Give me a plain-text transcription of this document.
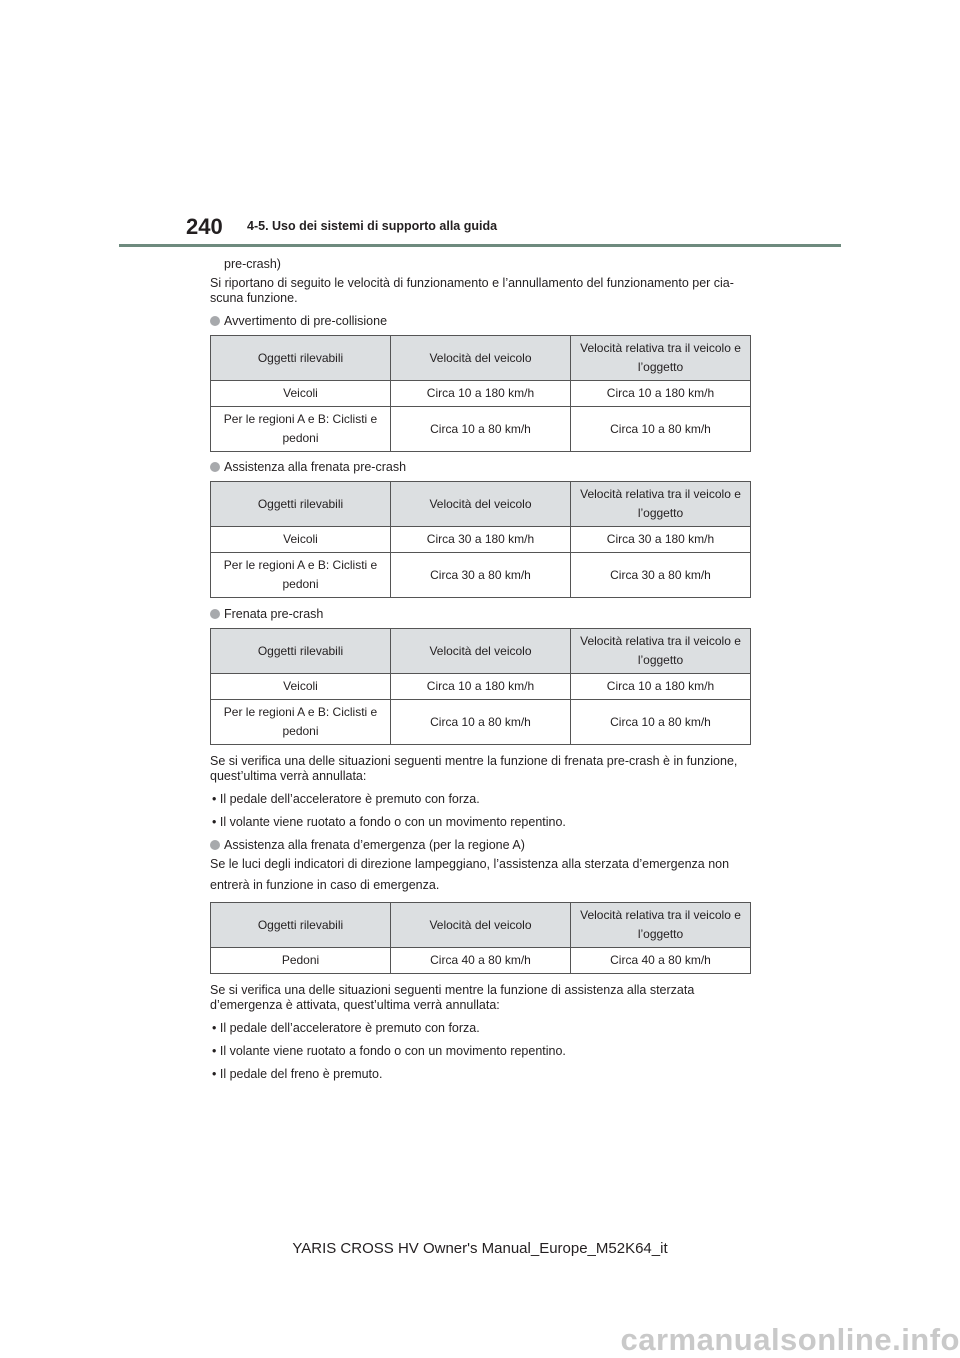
240 4-5. Uso dei sistemi di supporto alla guida
pre-crash)
Si riportano di seguito le velocità di funzionamento e l’annullamento del funzionamento per cia-
scuna funzione.
Avvertimento di pre-collisione
Oggetti rilevabili	Velocità del veicolo	Velocità relativa tra il veicolo e
l’oggetto
Veicoli	Circa 10 a 180 km/h	Circa 10 a 180 km/h
Per le regioni A e B: Ciclisti e
pedoni	Circa 10 a 80 km/h	Circa 10 a 80 km/h
Assistenza alla frenata pre-crash
Oggetti rilevabili	Velocità del veicolo	Velocità relativa tra il veicolo e
l’oggetto
Veicoli	Circa 30 a 180 km/h	Circa 30 a 180 km/h
Per le regioni A e B: Ciclisti e
pedoni	Circa 30 a 80 km/h	Circa 30 a 80 km/h
Frenata pre-crash
Oggetti rilevabili	Velocità del veicolo	Velocità relativa tra il veicolo e
l’oggetto
Veicoli	Circa 10 a 180 km/h	Circa 10 a 180 km/h
Per le regioni A e B: Ciclisti e
pedoni	Circa 10 a 80 km/h	Circa 10 a 80 km/h
Se si verifica una delle situazioni seguenti mentre la funzione di frenata pre-crash è in funzione,
quest’ultima verrà annullata:
• Il pedale dell’acceleratore è premuto con forza.
• Il volante viene ruotato a fondo o con un movimento repentino.
Assistenza alla frenata d’emergenza (per la regione A)
Se le luci degli indicatori di direzione lampeggiano, l’assistenza alla sterzata d’emergenza non
entrerà in funzione in caso di emergenza.
Oggetti rilevabili	Velocità del veicolo	Velocità relativa tra il veicolo e
l’oggetto
Pedoni	Circa 40 a 80 km/h	Circa 40 a 80 km/h
Se si verifica una delle situazioni seguenti mentre la funzione di assistenza alla sterzata
d’emergenza è attivata, quest’ultima verrà annullata:
• Il pedale dell’acceleratore è premuto con forza.
• Il volante viene ruotato a fondo o con un movimento repentino.
• Il pedale del freno è premuto.
YARIS CROSS HV Owner's Manual_Europe_M52K64_it
carmanualsonline.info
